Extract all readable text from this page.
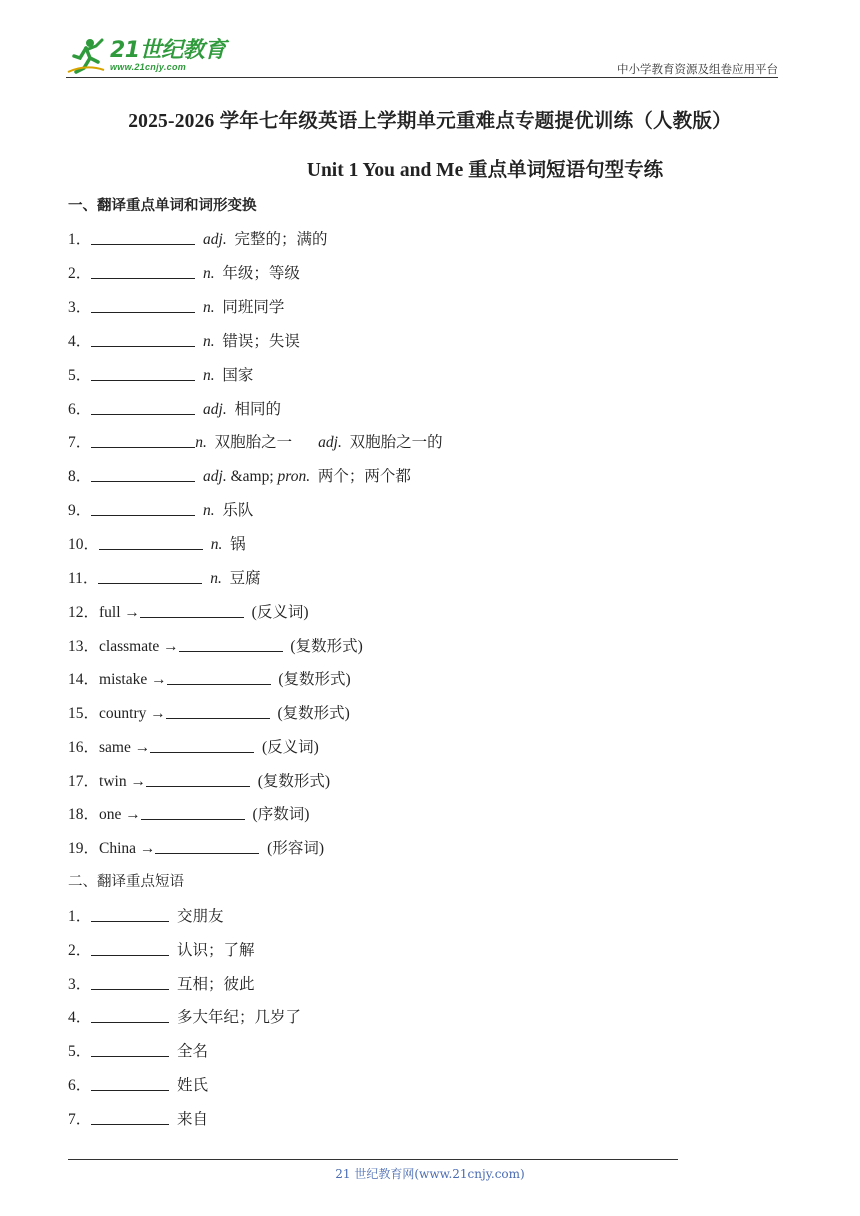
21世纪教育
www.21cnjy.com	中小学教育资源及组卷应用平台
2025-2026 学年七年级英语上学期单元重难点专题提优训练（人教版）
Unit 1 You and Me 重点单词短语句型专练
一、翻译重点单词和词形变换
1．	adj. 完整的；满的
2．	n. 年级；等级
3．	n. 同班同学
4．	n. 错误；失误
5．	n. 国家
6．	adj. 相同的
7．	n. 双胞胎之一 adj. 双胞胎之一的
8．	adj. &amp; pron. 两个；两个都
9．	n. 乐队
10．	n. 锅
11．	n. 豆腐
12．full →	(反义词)
13．classmate →	(复数形式)
14．mistake →	(复数形式)
15．country →	(复数形式)
16．same →	(反义词)
17．twin →	(复数形式)
18．one →	(序数词)
19．China →	(形容词)
二、翻译重点短语
1．	交朋友
2．	认识；了解
3．	互相；彼此
4．	多大年纪；几岁了
5．	全名
6．	姓氏
7．	来自
21 世纪教育网(www.21cnjy.com)
